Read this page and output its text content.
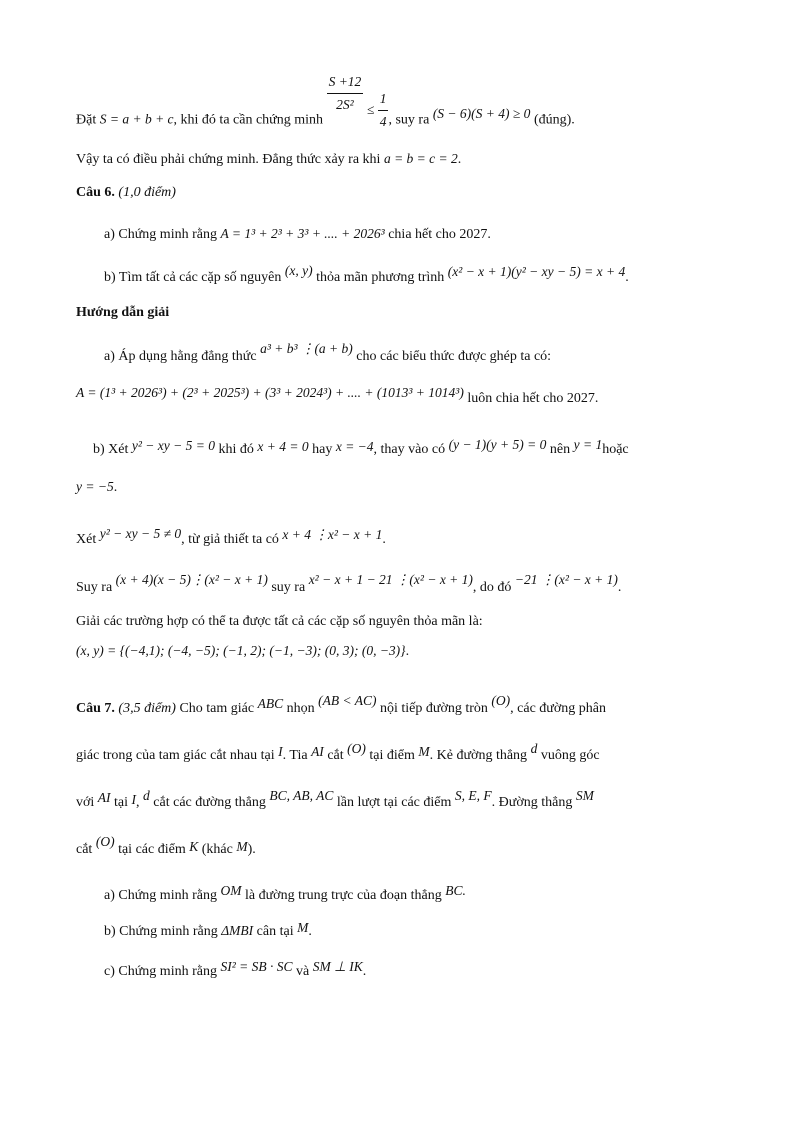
Đặt S = a + b + c, khi đó ta cần chứng minh
$\frac{S +12}{\text{2S²}} \le \frac{1}{4}$ , suy ra (S − 6)(S + 4) ≥ 0 (đúng).
Vậy ta có điều phải chứng minh. Đẳng thức xảy ra khi a = b = c = 2.
Câu 6. (1,0 điểm)
a) Chứng minh rằng A = 1³ + 2³ + 3³ + .... + 2026³ chia hết cho 2027.
b) Tìm tất cả các cặp số nguyên (x, y) thỏa mãn phương trình (x² − x + 1)(y² − xy − 5) = x + 4.
Hướng dẫn giải
a) Áp dụng hằng đẳng thức a³ + b³ ⋮(a + b) cho các biểu thức được ghép ta có:
A = (1³ + 2026³) + (2³ + 2025³) + (3³ + 2024³) + .... + (1013³ + 1014³) luôn chia hết cho 2027.
b) Xét y² − xy − 5 = 0 khi đó x + 4 = 0 hay x = −4, thay vào có (y − 1)(y + 5) = 0 nên y = 1hoặc
y = −5.
Xét y² − xy − 5 ≠ 0, từ giả thiết ta có x + 4 ⋮x² − x + 1.
Suy ra (x + 4)(x − 5)⋮(x² − x + 1) suy ra x² − x + 1 − 21 ⋮(x² − x + 1), do đó −21 ⋮(x² − x + 1).
Giải các trường hợp có thể ta được tất cả các cặp số nguyên thỏa mãn là:
(x, y) = {(−4,1); (−4, −5); (−1, 2); (−1, −3); (0, 3); (0, −3)}.
Câu 7. (3,5 điểm) Cho tam giác ABC nhọn (AB < AC) nội tiếp đường tròn (O), các đường phân
giác trong của tam giác cắt nhau tại I. Tia AI cắt (O) tại điểm M. Kẻ đường thẳng d vuông góc
với AI tại I, d cắt các đường thẳng BC, AB, AC lần lượt tại các điểm S, E, F. Đường thẳng SM
cắt (O) tại các điểm K (khác M).
a) Chứng minh rằng OM là đường trung trực của đoạn thẳng BC.
b) Chứng minh rằng ΔMBI cân tại M.
c) Chứng minh rằng SI² = SB · SC và SM ⊥ IK.
